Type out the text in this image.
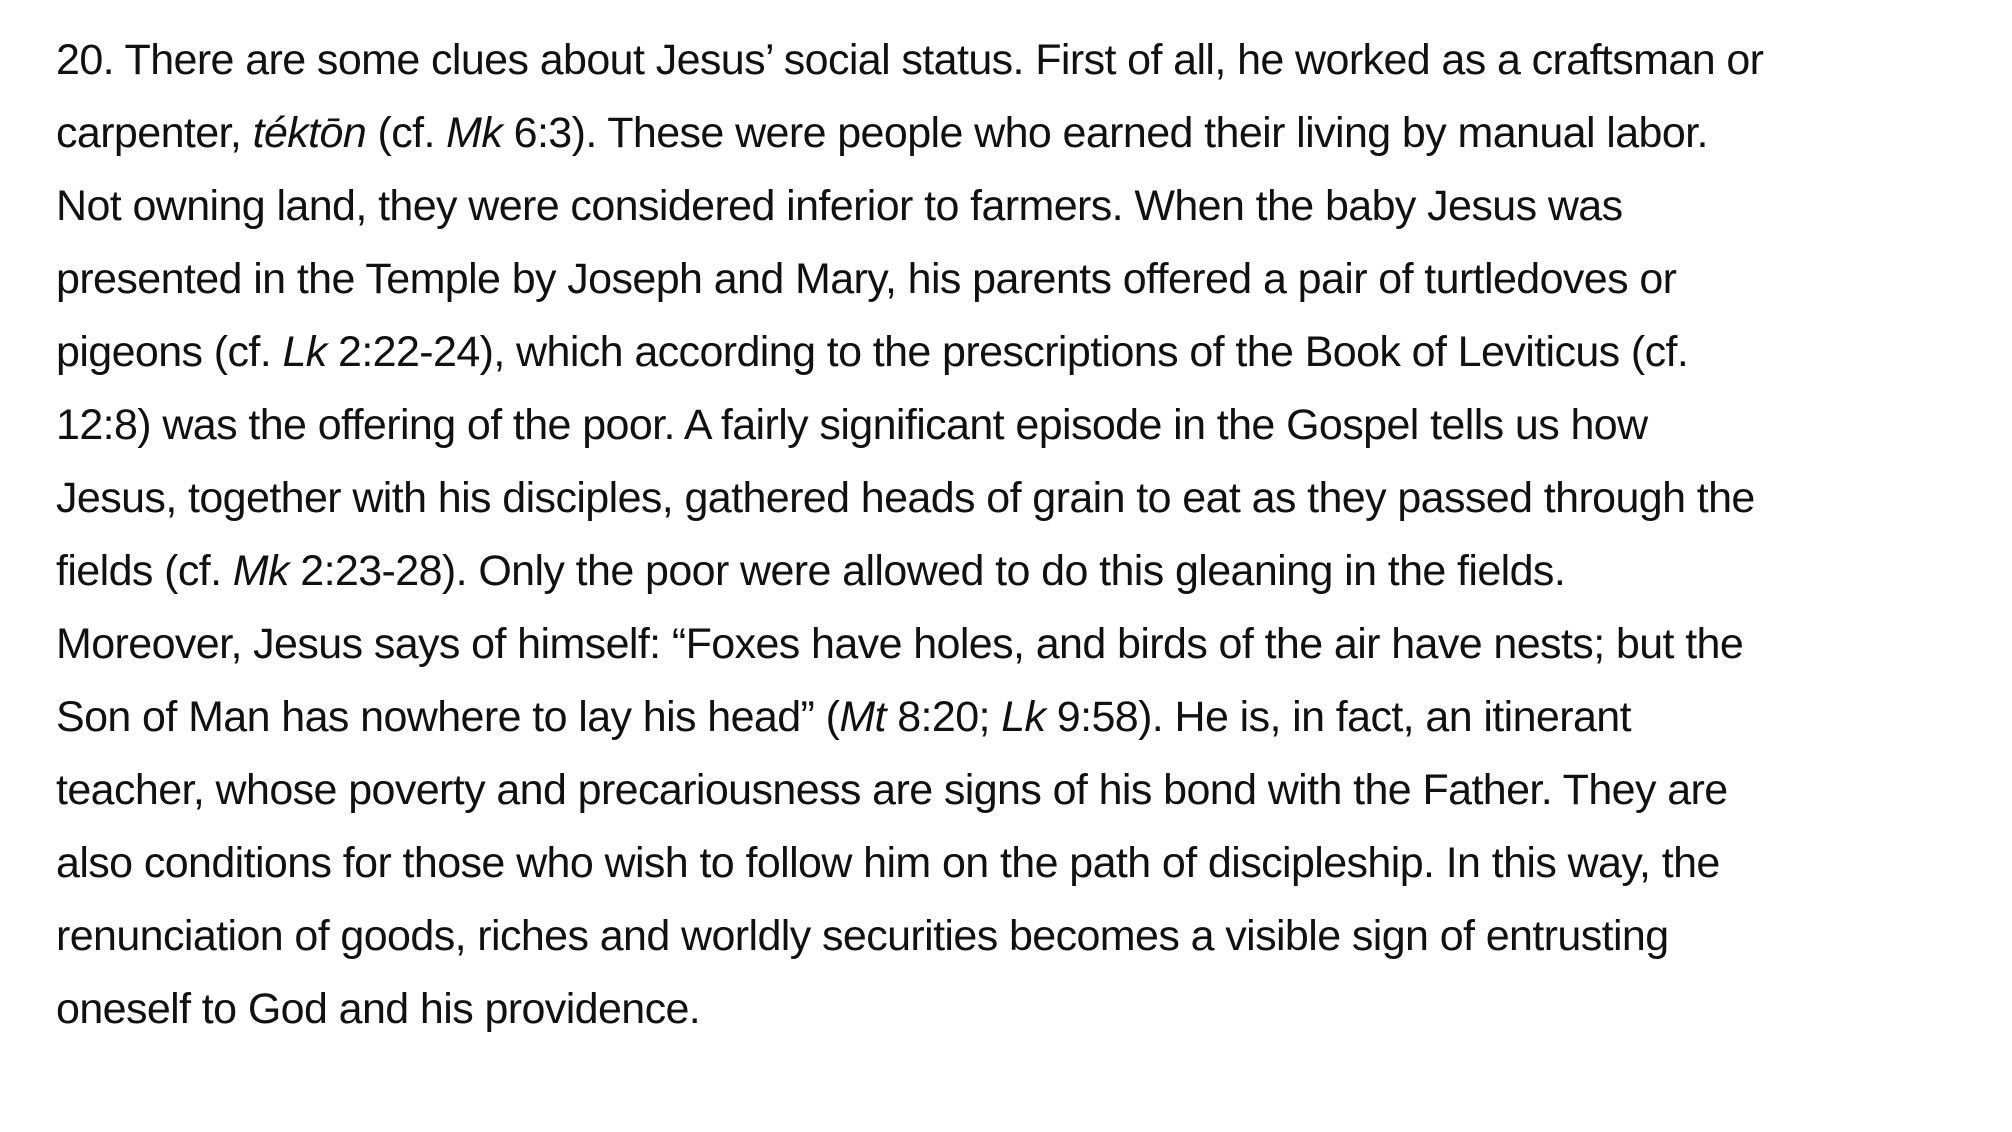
20. There are some clues about Jesus’ social status. First of all, he worked as a craftsman or
carpenter, téktōn (cf. Mk 6:3). These were people who earned their living by manual labor.
Not owning land, they were considered inferior to farmers. When the baby Jesus was
presented in the Temple by Joseph and Mary, his parents offered a pair of turtledoves or
pigeons (cf. Lk 2:22-24), which according to the prescriptions of the Book of Leviticus (cf.
12:8) was the offering of the poor. A fairly significant episode in the Gospel tells us how
Jesus, together with his disciples, gathered heads of grain to eat as they passed through the
fields (cf. Mk 2:23-28). Only the poor were allowed to do this gleaning in the fields.
Moreover, Jesus says of himself: “Foxes have holes, and birds of the air have nests; but the
Son of Man has nowhere to lay his head” (Mt 8:20; Lk 9:58). He is, in fact, an itinerant
teacher, whose poverty and precariousness are signs of his bond with the Father. They are
also conditions for those who wish to follow him on the path of discipleship. In this way, the
renunciation of goods, riches and worldly securities becomes a visible sign of entrusting
oneself to God and his providence.
